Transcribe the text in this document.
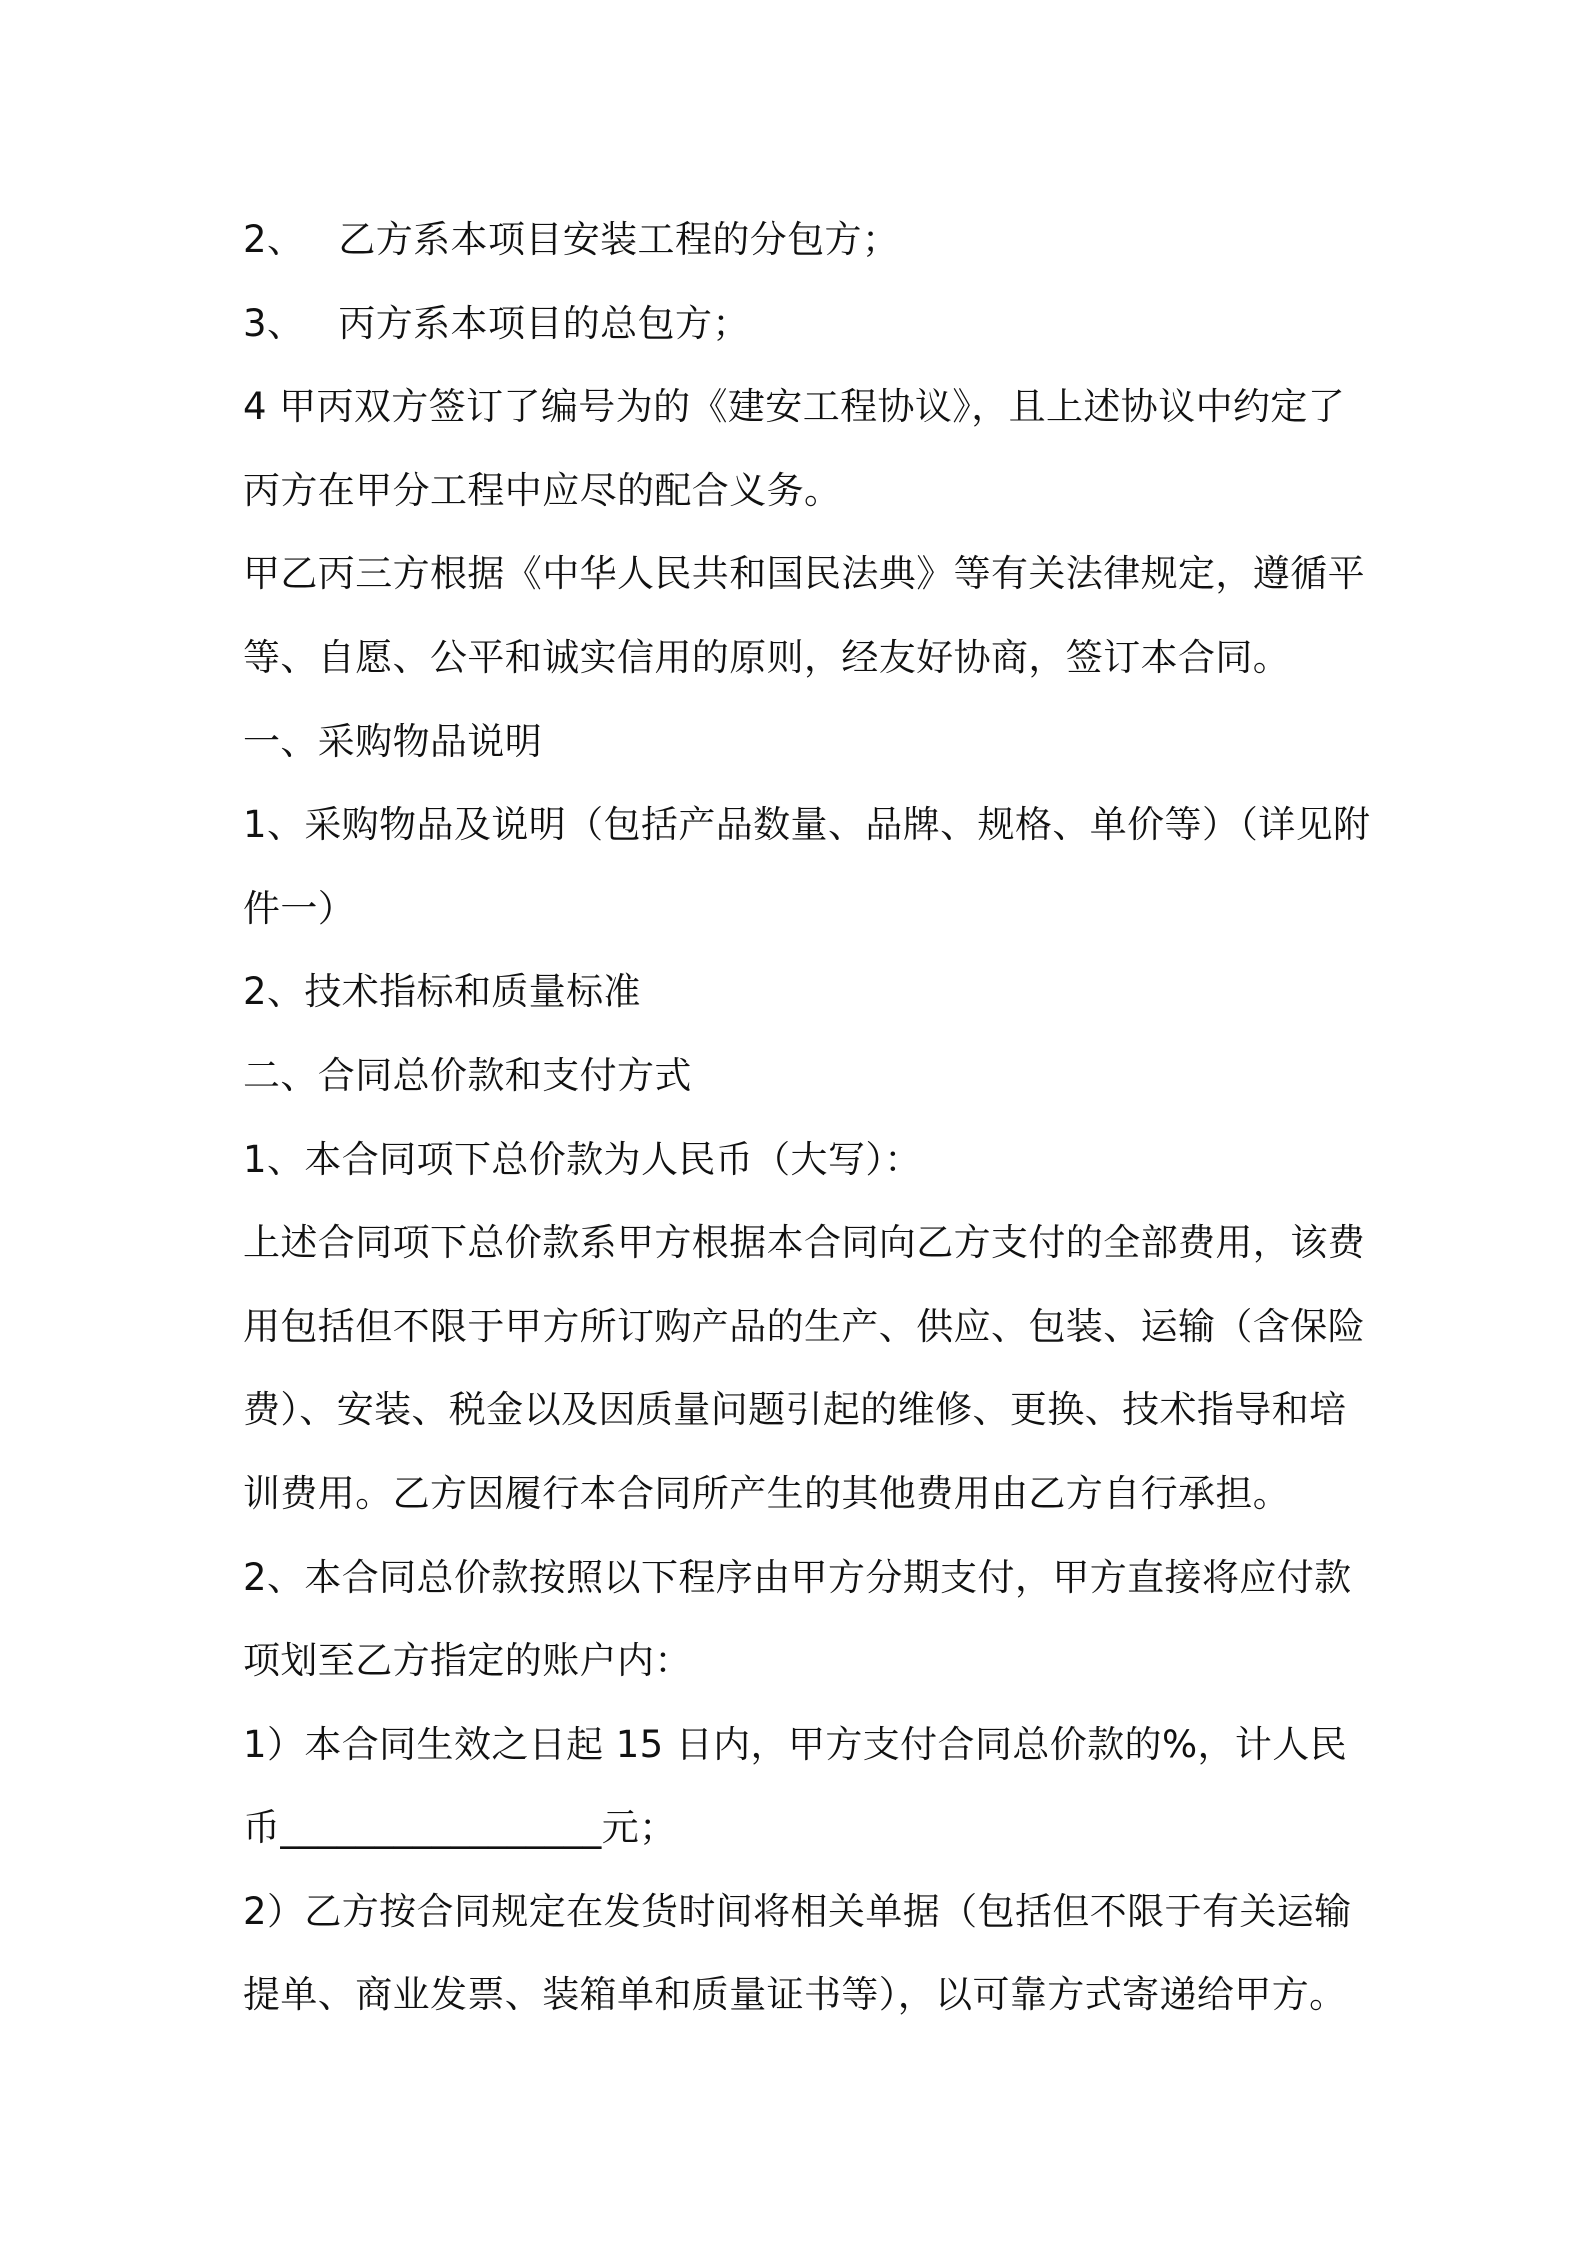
2、 乙方系本项目安装工程的分包方；
3、 丙方系本项目的总包方；
4 甲丙双方签订了编号为的《建安工程协议》，且上述协议中约定了
丙方在甲分工程中应尽的配合义务。
甲乙丙三方根据《中华人民共和国民法典》等有关法律规定，遵循平
等、自愿、公平和诚实信用的原则，经友好协商，签订本合同。
一、采购物品说明
1、采购物品及说明（包括产品数量、品牌、规格、单价等）（详见附
件一）
2、技术指标和质量标准
二、合同总价款和支付方式
1、本合同项下总价款为人民币（大写）：
上述合同项下总价款系甲方根据本合同向乙方支付的全部费用，该费
用包括但不限于甲方所订购产品的生产、供应、包装、运输（含保险
费）、安装、税金以及因质量问题引起的维修、更换、技术指导和培
训费用。乙方因履行本合同所产生的其他费用由乙方自行承担。
2、本合同总价款按照以下程序由甲方分期支付，甲方直接将应付款
项划至乙方指定的账户内：
1）本合同生效之日起 15 日内，甲方支付合同总价款的%，计人民
币_________________元；
2）乙方按合同规定在发货时间将相关单据（包括但不限于有关运输
提单、商业发票、装箱单和质量证书等），以可靠方式寄递给甲方。
